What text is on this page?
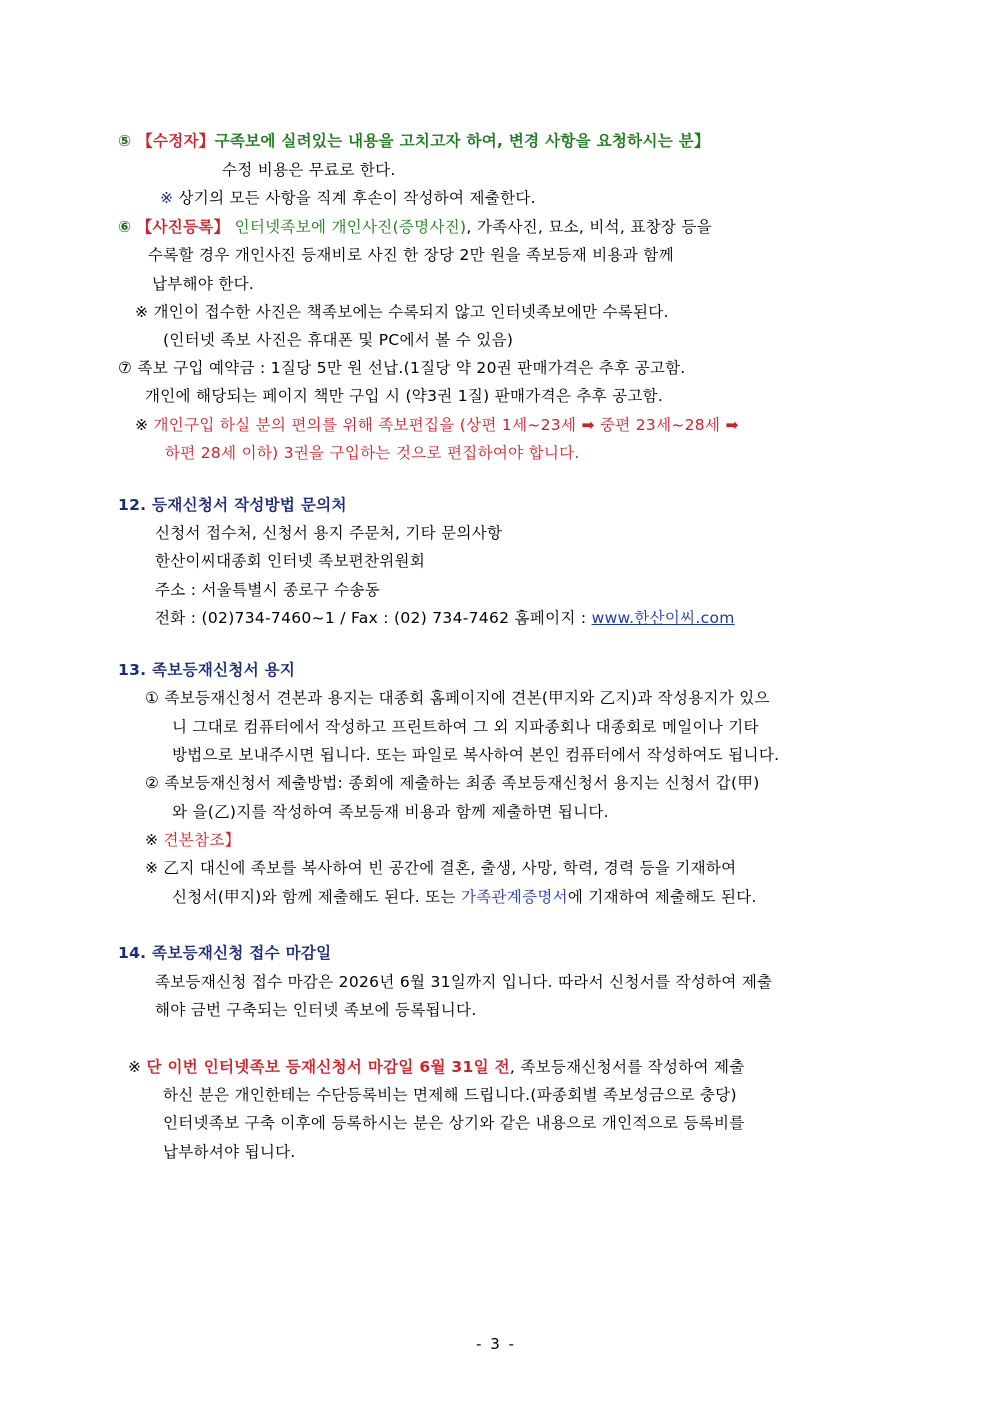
⑤ 【수정자】구족보에 실려있는 내용을 고치고자 하여, 변경 사항을 요청하시는 분】
수정 비용은 무료로 한다.
※ 상기의 모든 사항을 직계 후손이 작성하여 제출한다.
⑥ 【사진등록】 인터넷족보에 개인사진(증명사진), 가족사진, 묘소, 비석, 표창장 등을
수록할 경우 개인사진 등재비로 사진 한 장당 2만 원을 족보등재 비용과 함께
납부해야 한다.
※ 개인이 접수한 사진은 책족보에는 수록되지 않고 인터넷족보에만 수록된다.
(인터넷 족보 사진은 휴대폰 및 PC에서 볼 수 있음)
⑦ 족보 구입 예약금 : 1질당 5만 원 선납.(1질당 약 20권 판매가격은 추후 공고함.
개인에 해당되는 페이지 책만 구입 시 (약3권 1질) 판매가격은 추후 공고함.
※ 개인구입 하실 분의 편의를 위해 족보편집을 (상편 1세~23세 ➡ 중편 23세~28세 ➡
하편 28세 이하) 3권을 구입하는 것으로 편집하여야 합니다.
12. 등재신청서 작성방법 문의처
신청서 접수처, 신청서 용지 주문처, 기타 문의사항
한산이씨대종회 인터넷 족보편찬위원회
주소 : 서울특별시 종로구 수송동
전화 : (02)734-7460~1 / Fax : (02) 734-7462 홈페이지 : www.한산이씨.com
13. 족보등재신청서 용지
① 족보등재신청서 견본과 용지는 대종회 홈페이지에 견본(甲지와 乙지)과 작성용지가 있으
니 그대로 컴퓨터에서 작성하고 프린트하여 그 외 지파종회나 대종회로 메일이나 기타
방법으로 보내주시면 됩니다. 또는 파일로 복사하여 본인 컴퓨터에서 작성하여도 됩니다.
② 족보등재신청서 제출방법: 종회에 제출하는 최종 족보등재신청서 용지는 신청서 갑(甲)
와 을(乙)지를 작성하여 족보등재 비용과 함께 제출하면 됩니다.
※ 견본참조】
※ 乙지 대신에 족보를 복사하여 빈 공간에 결혼, 출생, 사망, 학력, 경력 등을 기재하여
신청서(甲지)와 함께 제출해도 된다. 또는 가족관계증명서에 기재하여 제출해도 된다.
14. 족보등재신청 접수 마감일
족보등재신청 접수 마감은 2026년 6월 31일까지 입니다. 따라서 신청서를 작성하여 제출
해야 금번 구축되는 인터넷 족보에 등록됩니다.
※ 단 이번 인터넷족보 등재신청서 마감일 6월 31일 전, 족보등재신청서를 작성하여 제출
하신 분은 개인한테는 수단등록비는 면제해 드립니다.(파종회별 족보성금으로 충당)
인터넷족보 구축 이후에 등록하시는 분은 상기와 같은 내용으로 개인적으로 등록비를
납부하셔야 됩니다.
- 3 -
